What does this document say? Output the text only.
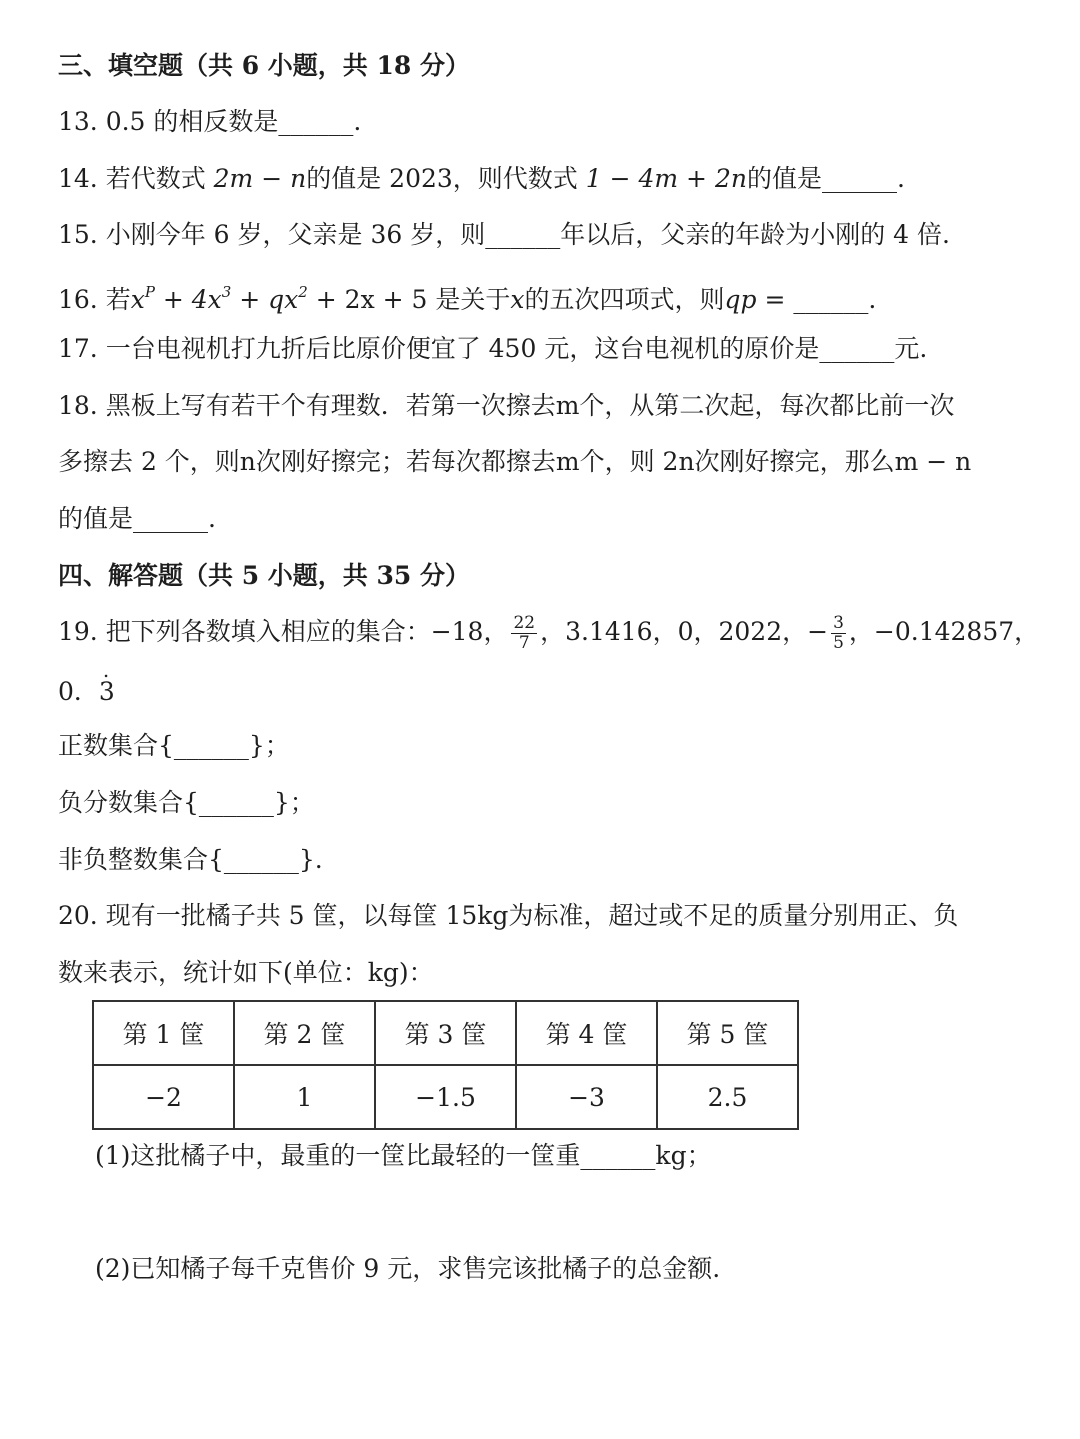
三、填空题（共 6 小题，共 18 分）
13. 0.5 的相反数是______.
14. 若代数式 2m − n的值是 2023，则代数式 1 − 4m + 2n的值是______.
15. 小刚今年 6 岁，父亲是 36 岁，则______年以后，父亲的年龄为小刚的 4 倍.
16. 若$x^P + 4x^3 + qx^2 + 2x + 5$ 是关于x的五次四项式，则qp = ______.
17. 一台电视机打九折后比原价便宜了 450 元，这台电视机的原价是______元.
18. 黑板上写有若干个有理数．若第一次擦去m个，从第二次起，每次都比前一次
多擦去 2 个，则n次刚好擦完；若每次都擦去m个，则 2n次刚好擦完，那么m − n
的值是______.
四、解答题（共 5 小题，共 35 分）
19. 把下列各数填入相应的集合：−18， $\frac{22}{7}$ ，3.1416，0，2022，− $\frac{3}{5}$ ，−0.142857，
0．. 3
正数集合{______}；
负分数集合{______}；
非负整数集合{______}.
20. 现有一批橘子共 5 筐，以每筐 15kg为标准，超过或不足的质量分别用正、负
数来表示，统计如下(单位：kg)：
第 1 筐	第 2 筐	第 3 筐	第 4 筐	第 5 筐
−2	1	−1.5	−3	2.5
(1)这批橘子中，最重的一筐比最轻的一筐重______kg；
(2)已知橘子每千克售价 9 元，求售完该批橘子的总金额.
